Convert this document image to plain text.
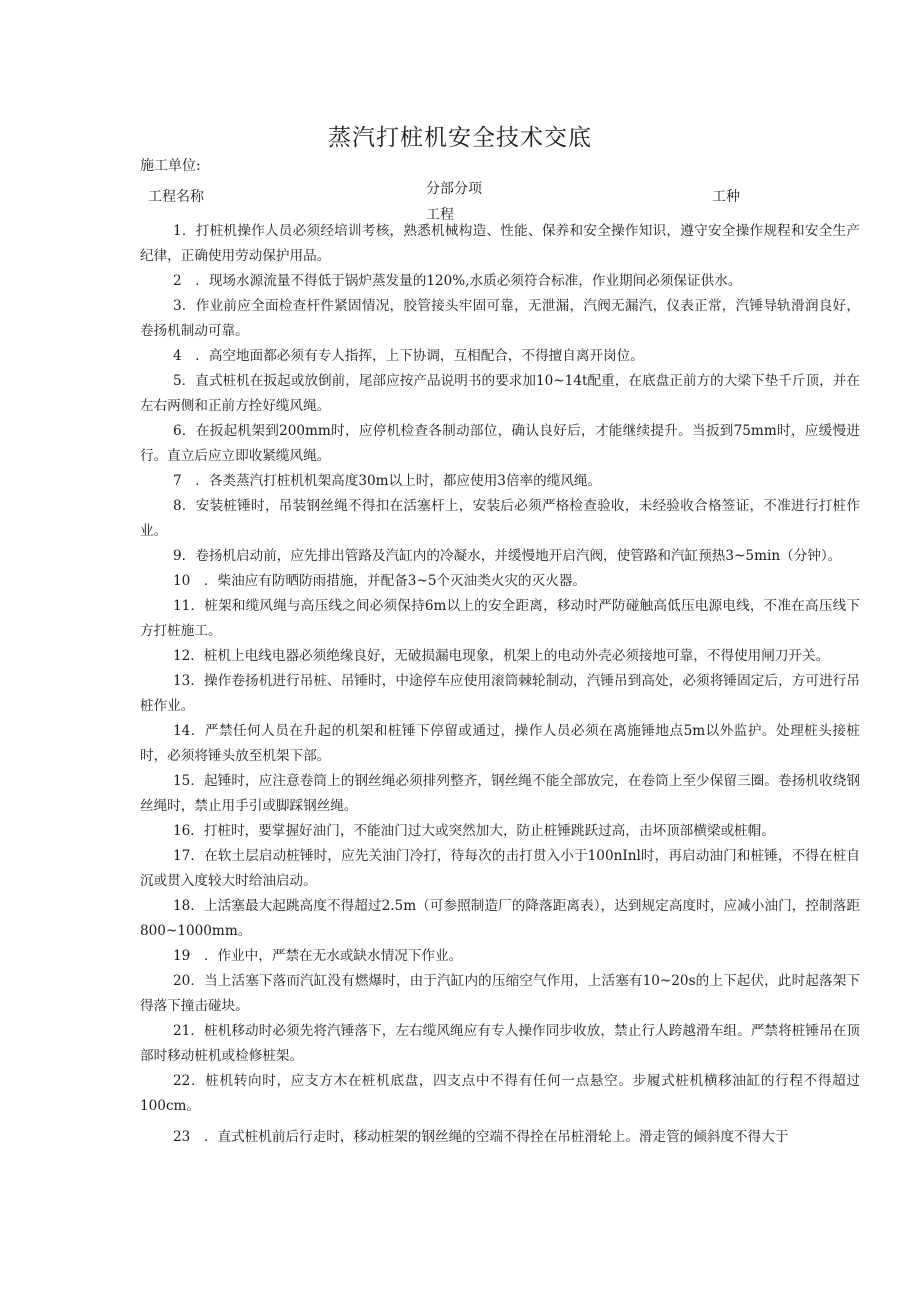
蒸汽打桩机安全技术交底
施工单位:
工程名称	分部分项
工程
工种

1．打桩机操作人员必须经培训考核，熟悉机械构造、性能、保养和安全操作知识，遵守安全操作规程和安全生产纪律，正确使用劳动保护用品。

2　．现场水源流量不得低于锅炉蒸发量的120%,水质必须符合标准，作业期间必须保证供水。

3．作业前应全面检查杆件紧固情况，胶管接头牢固可靠，无泄漏，汽阀无漏汽，仪表正常，汽锤导轨滑润良好，卷扬机制动可靠。

4　．高空地面都必须有专人指挥，上下协调，互相配合，不得擅自离开岗位。

5．直式桩机在扳起或放倒前，尾部应按产品说明书的要求加10~14t配重，在底盘正前方的大梁下垫千斤顶，并在左右两侧和正前方拴好缆风绳。

6．在扳起机架到200mm时，应停机检查各制动部位，确认良好后，才能继续提升。当扳到75mm时，应缓慢进行。直立后应立即收紧缆风绳。

7　．各类蒸汽打桩机机架高度30m以上时，都应使用3倍率的缆风绳。

8．安装桩锤时，吊装钢丝绳不得扣在活塞杆上，安装后必须严格检查验收，未经验收合格签证，不准进行打桩作业。

9．卷扬机启动前，应先排出管路及汽缸内的冷凝水，并缓慢地开启汽阀，使管路和汽缸预热3~5min（分钟）。

10　．柴油应有防晒防雨措施，并配备3~5个灭油类火灾的灭火器。

11．桩架和缆风绳与高压线之间必须保持6m以上的安全距离，移动时严防碰触高低压电源电线，不准在高压线下方打桩施工。

12．桩机上电线电器必须绝缘良好，无破损漏电现象，机架上的电动外壳必须接地可靠，不得使用闸刀开关。

13．操作卷扬机进行吊桩、吊锤时，中途停车应使用滚筒棘轮制动，汽锤吊到高处，必须将锤固定后，方可进行吊桩作业。

14．严禁任何人员在升起的机架和桩锤下停留或通过，操作人员必须在离施锤地点5m以外监护。处理桩头接桩时，必须将锤头放至机架下部。

15．起锤时，应注意卷筒上的钢丝绳必须排列整齐，钢丝绳不能全部放完，在卷筒上至少保留三圈。卷扬机收绕钢丝绳时，禁止用手引或脚踩钢丝绳。

16．打桩时，要掌握好油门，不能油门过大或突然加大，防止桩锤跳跃过高，击坏顶部横梁或桩帽。

17．在软土层启动桩锤时，应先关油门冷打，待每次的击打贯入小于100nInl时，再启动油门和桩锤，不得在桩自沉或贯入度较大时给油启动。

18．上活塞最大起跳高度不得超过2.5m（可参照制造厂的降落距离表），达到规定高度时，应减小油门，控制落距800~1000mm。

19　．作业中，严禁在无水或缺水情况下作业。

20．当上活塞下落而汽缸没有燃爆时，由于汽缸内的压缩空气作用，上活塞有10~20s的上下起伏，此时起落架下得落下撞击碰块。

21．桩机移动时必须先将汽锤落下，左右缆风绳应有专人操作同步收放，禁止行人跨越滑车组。严禁将桩锤吊在顶部时移动桩机或检修桩架。

22．桩机转向时，应支方木在桩机底盘，四支点中不得有任何一点悬空。步履式桩机横移油缸的行程不得超过100cm。

23　．直式桩机前后行走时，移动桩架的钢丝绳的空端不得拴在吊桩滑轮上。滑走管的倾斜度不得大于
